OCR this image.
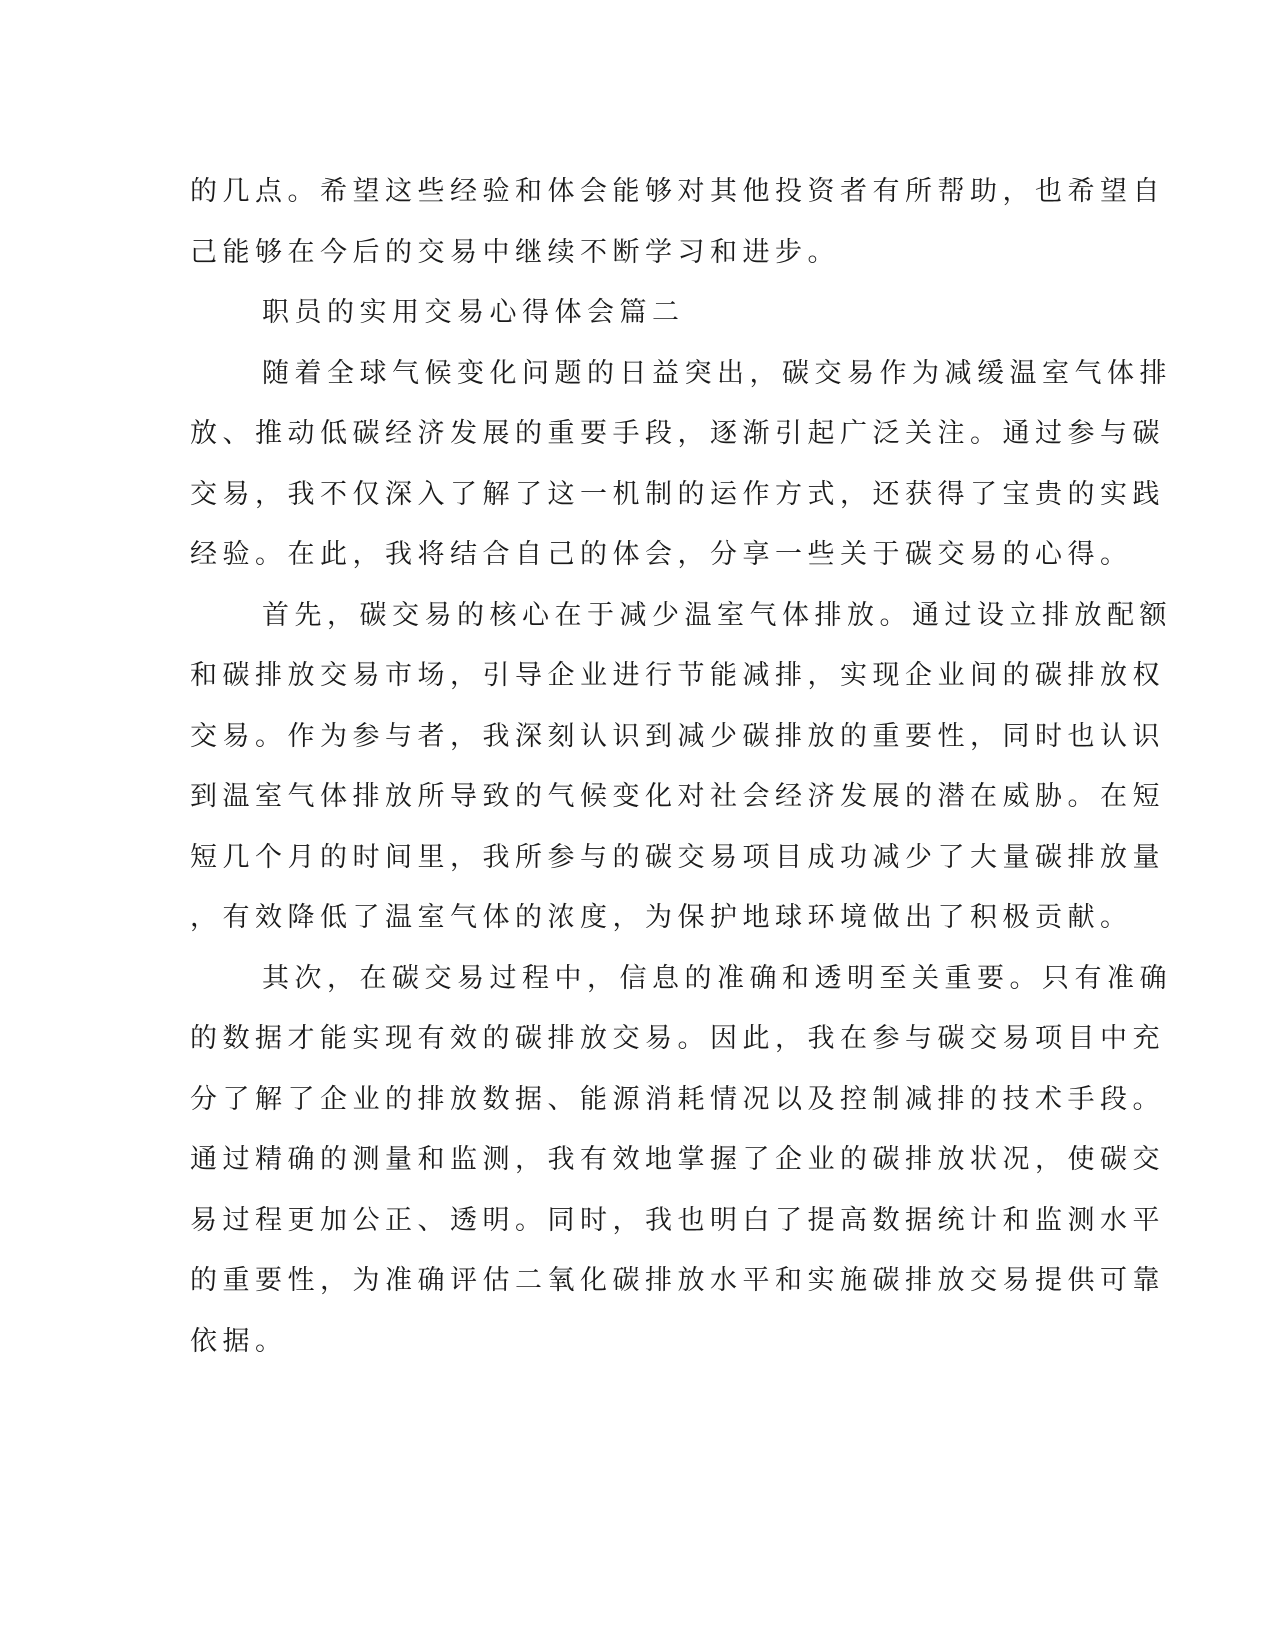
的几点。希望这些经验和体会能够对其他投资者有所帮助，也希望自
己能够在今后的交易中继续不断学习和进步。
职员的实用交易心得体会篇二
随着全球气候变化问题的日益突出，碳交易作为减缓温室气体排
放、推动低碳经济发展的重要手段，逐渐引起广泛关注。通过参与碳
交易，我不仅深入了解了这一机制的运作方式，还获得了宝贵的实践
经验。在此，我将结合自己的体会，分享一些关于碳交易的心得。
首先，碳交易的核心在于减少温室气体排放。通过设立排放配额
和碳排放交易市场，引导企业进行节能减排，实现企业间的碳排放权
交易。作为参与者，我深刻认识到减少碳排放的重要性，同时也认识
到温室气体排放所导致的气候变化对社会经济发展的潜在威胁。在短
短几个月的时间里，我所参与的碳交易项目成功减少了大量碳排放量
，有效降低了温室气体的浓度，为保护地球环境做出了积极贡献。
其次，在碳交易过程中，信息的准确和透明至关重要。只有准确
的数据才能实现有效的碳排放交易。因此，我在参与碳交易项目中充
分了解了企业的排放数据、能源消耗情况以及控制减排的技术手段。
通过精确的测量和监测，我有效地掌握了企业的碳排放状况，使碳交
易过程更加公正、透明。同时，我也明白了提高数据统计和监测水平
的重要性，为准确评估二氧化碳排放水平和实施碳排放交易提供可靠
依据。
